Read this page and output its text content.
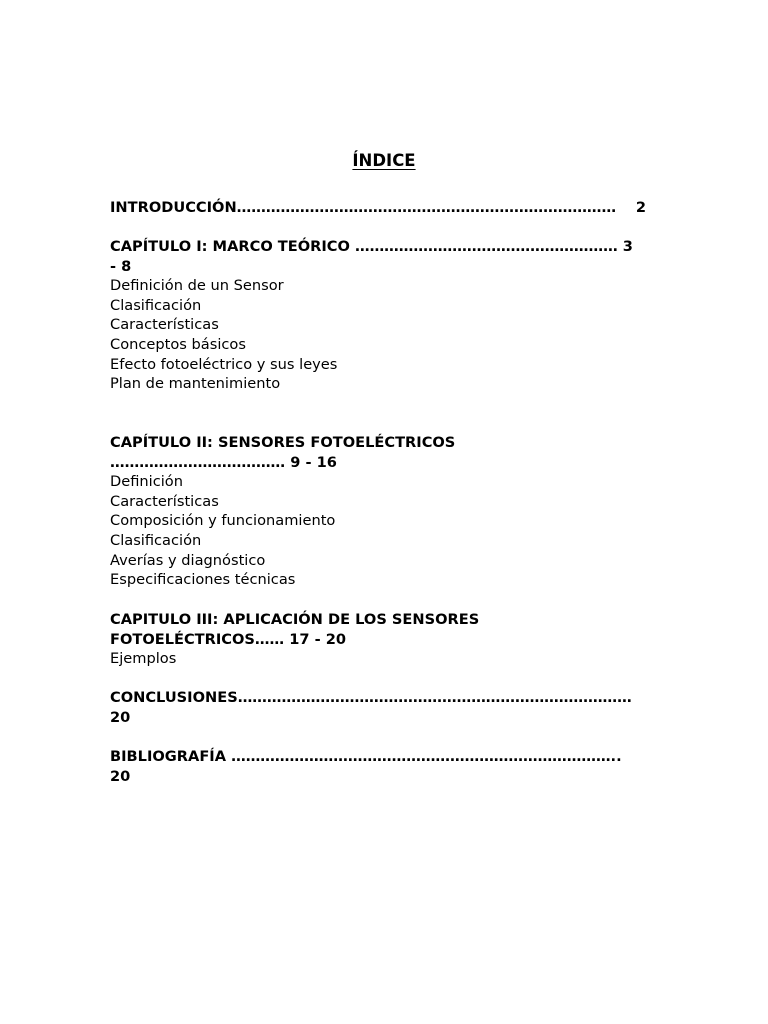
ÍNDICE
INTRODUCCIÓN…………………………………………………………………… 2
CAPÍTULO I: MARCO TEÓRICO ……………………………………………… 3
- 8
Definición de un Sensor
Clasificación
Características
Conceptos básicos
Efecto fotoeléctrico y sus leyes
Plan de mantenimiento
CAPÍTULO II: SENSORES FOTOELÉCTRICOS
……………………………… 9 - 16
Definición
Características
Composición y funcionamiento
Clasificación
Averías y diagnóstico
Especificaciones técnicas
CAPITULO III: APLICACIÓN DE LOS SENSORES
FOTOELÉCTRICOS…… 17 - 20
Ejemplos
CONCLUSIONES………………………………………………………………………
20
BIBLIOGRAFÍA ……………………………………………………………………..
20
